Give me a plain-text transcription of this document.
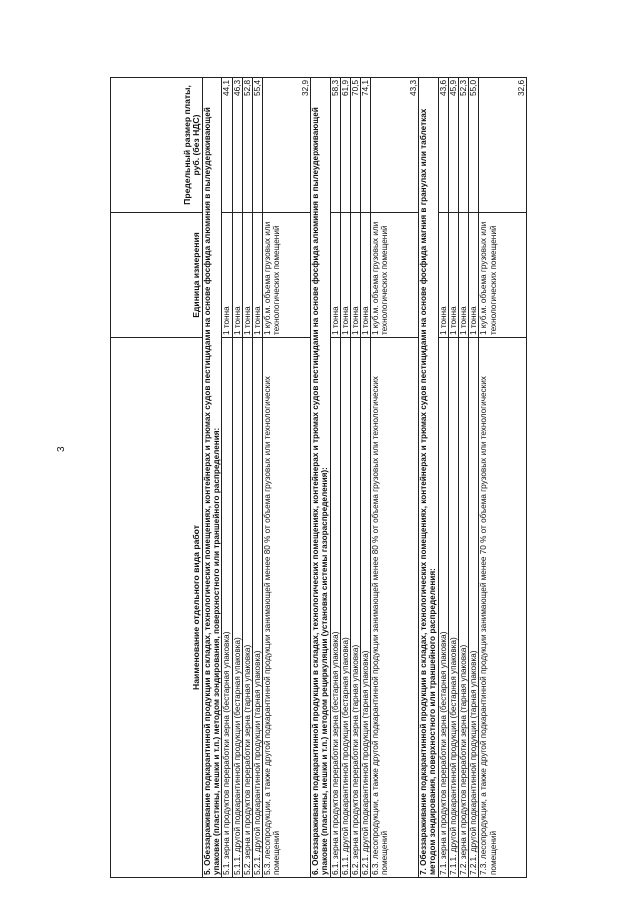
3
Наименование отдельного вида работ	Единица измерения	Предельный размер платы, руб. (без НДС)
5. Обеззараживание подкарантинной продукции в складах, технологических помещениях, контейнерах и трюмах судов пестицидами на основе фосфида алюминия в пылеудерживающей упаковке (пластины, мешки и т.п.) методом зондирования, поверхностного или траншейного распределения:		
5.1. зерна и продуктов переработки зерна (бестарная упаковка)	1 тонна	44,1
5.1.1. другой подкарантинной продукции (бестарная упаковка)	1 тонна	46,3
5.2. зерна и продуктов переработки зерна (тарная упаковка)	1 тонна	52,8
5.2.1. другой подкарантинной продукции (тарная упаковка)	1 тонна	55,4
5.3. лесопродукции, а также другой подкарантинной продукции занимающей менее 80 % от объема грузовых или технологических помещений	1 куб.м. объема грузовых или технологических помещений	32,9
6. Обеззараживание подкарантинной продукции в складах, технологических помещениях, контейнерах и трюмах судов пестицидами на основе фосфида алюминия в пылеудерживающей упаковке (пластины, мешки и т.п.) методом рециркуляции (установка системы газораспределения):		
6.1. зерна и продуктов переработки зерна (бестарная упаковка)	1 тонна	58,3
6.1.1. другой подкарантинной продукции (бестарная упаковка)	1 тонна	61,9
6.2. зерна и продуктов переработки зерна (тарная упаковка)	1 тонна	70,5
6.2.1. другой подкарантинной продукции (тарная упаковка)	1 тонна	74,1
6.3. лесопродукции, а также другой подкарантинной продукции занимающей менее 80 % от объема грузовых или технологических помещений	1 куб.м. объема грузовых или технологических помещений	43,3
7. Обеззараживание подкарантинной продукции в складах, технологических помещениях, контейнерах и трюмах судов пестицидами на основе фосфида магния в гранулах или таблетках методом зондирования, поверхностного или траншейного распределения:		
7.1. зерна и продуктов переработки зерна (бестарная упаковка)	1 тонна	43,6
7.1.1. другой подкарантинной продукции (бестарная упаковка)	1 тонна	45,9
7.2. зерна и продуктов переработки зерна (тарная упаковка)	1 тонна	52,3
7.2.1. другой подкарантинной продукции (тарная упаковка)	1 тонна	55,0
7.3. лесопродукции, а также другой подкарантинной продукции занимающей менее 70 % от объема грузовых или технологических помещений	1 куб.м. объема грузовых или технологических помещений	32,6
